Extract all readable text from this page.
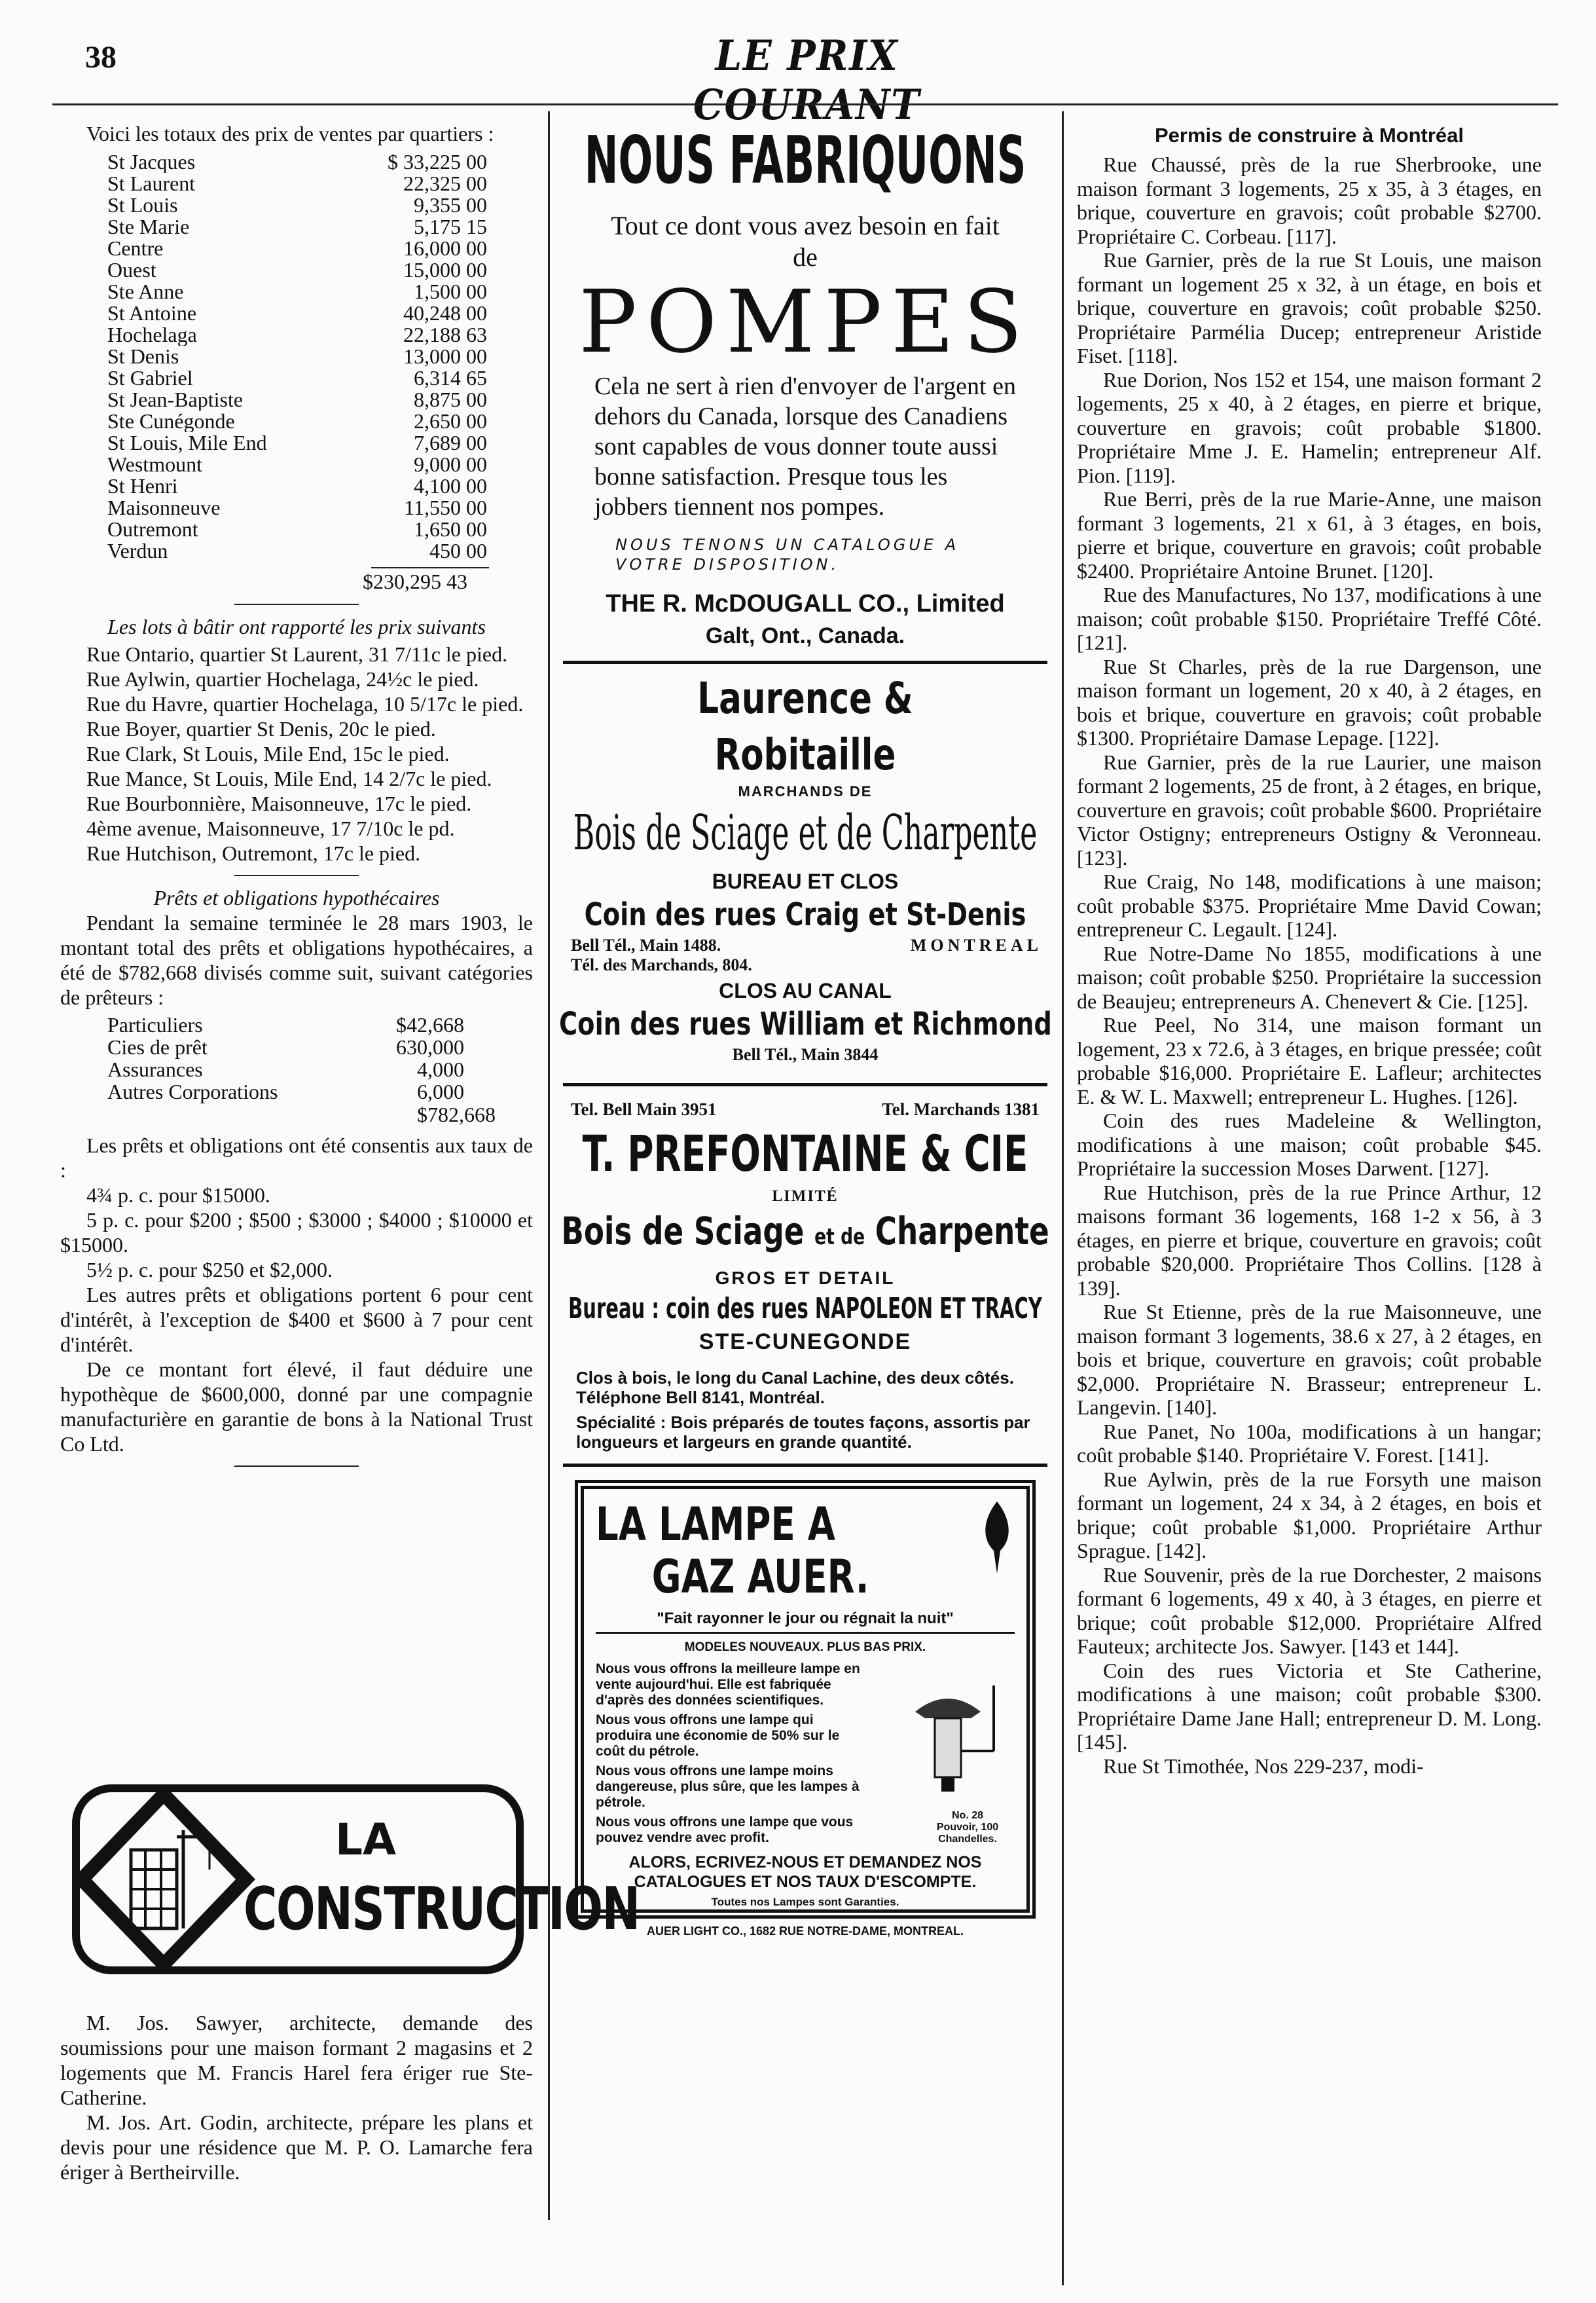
38	LE PRIX COURANT

Voici les totaux des prix de ventes par quartiers :

St Jacques	$ 33,225 00
St Laurent	22,325 00
St Louis	9,355 00
Ste Marie	5,175 15
Centre	16,000 00
Ouest	15,000 00
Ste Anne	1,500 00
St Antoine	40,248 00
Hochelaga	22,188 63
St Denis	13,000 00
St Gabriel	6,314 65
St Jean-Baptiste	8,875 00
Ste Cunégonde	2,650 00
St Louis, Mile End	7,689 00
Westmount	9,000 00
St Henri	4,100 00
Maisonneuve	11,550 00
Outremont	1,650 00
Verdun	450 00
$230,295 43

Les lots à bâtir ont rapporté les prix suivants

Rue Ontario, quartier St Laurent, 31 7/11c le pied.

Rue Aylwin, quartier Hochelaga, 24½c le pied.

Rue du Havre, quartier Hochelaga, 10 5/17c le pied.

Rue Boyer, quartier St Denis, 20c le pied.

Rue Clark, St Louis, Mile End, 15c le pied.

Rue Mance, St Louis, Mile End, 14 2/7c le pied.

Rue Bourbonnière, Maisonneuve, 17c le pied.

4ème avenue, Maisonneuve, 17 7/10c le pd.

Rue Hutchison, Outremont, 17c le pied.

Prêts et obligations hypothécaires

Pendant la semaine terminée le 28 mars 1903, le montant total des prêts et obligations hypothécaires, a été de $782,668 divisés comme suit, suivant catégories de prêteurs :

Particuliers	$42,668
Cies de prêt	630,000
Assurances	4,000
Autres Corporations	6,000
$782,668

Les prêts et obligations ont été consentis aux taux de :

4¾ p. c. pour $15000.

5 p. c. pour $200 ; $500 ; $3000 ; $4000 ; $10000 et $15000.

5½ p. c. pour $250 et $2,000.

Les autres prêts et obligations portent 6 pour cent d'intérêt, à l'exception de $400 et $600 à 7 pour cent d'intérêt.

De ce montant fort élevé, il faut déduire une hypothèque de $600,000, donné par une compagnie manufacturière en garantie de bons à la National Trust Co Ltd.

LA
CONSTRUCTION

M. Jos. Sawyer, architecte, demande des soumissions pour une maison formant 2 magasins et 2 logements que M. Francis Harel fera ériger rue Ste-Catherine.

M. Jos. Art. Godin, architecte, prépare les plans et devis pour une résidence que M. P. O. Lamarche fera ériger à Bertheirville.

NOUS FABRIQUONS

Tout ce dont vous avez besoin en fait de

POMPES

Cela ne sert à rien d'envoyer de l'argent en dehors du Canada, lorsque des Canadiens sont capables de vous donner toute aussi bonne satisfaction. Presque tous les jobbers tiennent nos pompes.

NOUS TENONS UN CATALOGUE A VOTRE DISPOSITION.

THE R. McDOUGALL CO., Limited

Galt, Ont., Canada.

Laurence & Robitaille
MARCHANDS DE
Bois de Sciage et de Charpente
BUREAU ET CLOS
Coin des rues Craig et St-Denis
Bell Tél., Main 1488.	MONTREAL
Tél. des Marchands, 804.
CLOS AU CANAL
Coin des rues William et Richmond
Bell Tél., Main 3844
Tel. Bell Main 3951	Tel. Marchands 1381
T. PREFONTAINE & CIE
LIMITÉ
Bois de Sciage et de Charpente
GROS ET DETAIL
Bureau : coin des rues NAPOLEON ET TRACY
STE-CUNEGONDE

Clos à bois, le long du Canal Lachine, des deux côtés. Téléphone Bell 8141, Montréal.

Spécialité : Bois préparés de toutes façons, assortis par longueurs et largeurs en grande quantité.

LA LAMPE A
GAZ AUER.
"Fait rayonner le jour ou régnait la nuit"
MODELES NOUVEAUX. PLUS BAS PRIX.

Nous vous offrons la meilleure lampe en vente aujourd'hui. Elle est fabriquée d'après des données scientifiques.

Nous vous offrons une lampe qui produira une économie de 50% sur le coût du pétrole.

Nous vous offrons une lampe moins dangereuse, plus sûre, que les lampes à pétrole.

Nous vous offrons une lampe que vous pouvez vendre avec profit.

No. 28
Pouvoir, 100 Chandelles.
ALORS, ECRIVEZ-NOUS ET DEMANDEZ NOS CATALOGUES ET NOS TAUX D'ESCOMPTE.
Toutes nos Lampes sont Garanties.
AUER LIGHT CO., 1682 RUE NOTRE-DAME, MONTREAL.
Permis de construire à Montréal

Rue Chaussé, près de la rue Sherbrooke, une maison formant 3 logements, 25 x 35, à 3 étages, en brique, couverture en gravois; coût probable $2700. Propriétaire C. Corbeau. [117].

Rue Garnier, près de la rue St Louis, une maison formant un logement 25 x 32, à un étage, en bois et brique, couverture en gravois; coût probable $250. Propriétaire Parmélia Ducep; entrepreneur Aristide Fiset. [118].

Rue Dorion, Nos 152 et 154, une maison formant 2 logements, 25 x 40, à 2 étages, en pierre et brique, couverture en gravois; coût probable $1800. Propriétaire Mme J. E. Hamelin; entrepreneur Alf. Pion. [119].

Rue Berri, près de la rue Marie-Anne, une maison formant 3 logements, 21 x 61, à 3 étages, en bois, pierre et brique, couverture en gravois; coût probable $2400. Propriétaire Antoine Brunet. [120].

Rue des Manufactures, No 137, modifications à une maison; coût probable $150. Propriétaire Treffé Côté. [121].

Rue St Charles, près de la rue Dargenson, une maison formant un logement, 20 x 40, à 2 étages, en bois et brique, couverture en gravois; coût probable $1300. Propriétaire Damase Lepage. [122].

Rue Garnier, près de la rue Laurier, une maison formant 2 logements, 25 de front, à 2 étages, en brique, couverture en gravois; coût probable $600. Propriétaire Victor Ostigny; entrepreneurs Ostigny & Veronneau. [123].

Rue Craig, No 148, modifications à une maison; coût probable $375. Propriétaire Mme David Cowan; entrepreneur C. Legault. [124].

Rue Notre-Dame No 1855, modifications à une maison; coût probable $250. Propriétaire la succession de Beaujeu; entrepreneurs A. Chenevert & Cie. [125].

Rue Peel, No 314, une maison formant un logement, 23 x 72.6, à 3 étages, en brique pressée; coût probable $16,000. Propriétaire E. Lafleur; architectes E. & W. L. Maxwell; entrepreneur L. Hughes. [126].

Coin des rues Madeleine & Wellington, modifications à une maison; coût probable $45. Propriétaire la succession Moses Darwent. [127].

Rue Hutchison, près de la rue Prince Arthur, 12 maisons formant 36 logements, 168 1-2 x 56, à 3 étages, en pierre et brique, couverture en gravois; coût probable $20,000. Propriétaire Thos Collins. [128 à 139].

Rue St Etienne, près de la rue Maisonneuve, une maison formant 3 logements, 38.6 x 27, à 2 étages, en bois et brique, couverture en gravois; coût probable $2,000. Propriétaire N. Brasseur; entrepreneur L. Langevin. [140].

Rue Panet, No 100a, modifications à un hangar; coût probable $140. Propriétaire V. Forest. [141].

Rue Aylwin, près de la rue Forsyth une maison formant un logement, 24 x 34, à 2 étages, en bois et brique; coût probable $1,000. Propriétaire Arthur Sprague. [142].

Rue Souvenir, près de la rue Dorchester, 2 maisons formant 6 logements, 49 x 40, à 3 étages, en pierre et brique; coût probable $12,000. Propriétaire Alfred Fauteux; architecte Jos. Sawyer. [143 et 144].

Coin des rues Victoria et Ste Catherine, modifications à une maison; coût probable $300. Propriétaire Dame Jane Hall; entrepreneur D. M. Long. [145].

Rue St Timothée, Nos 229-237, modi-
